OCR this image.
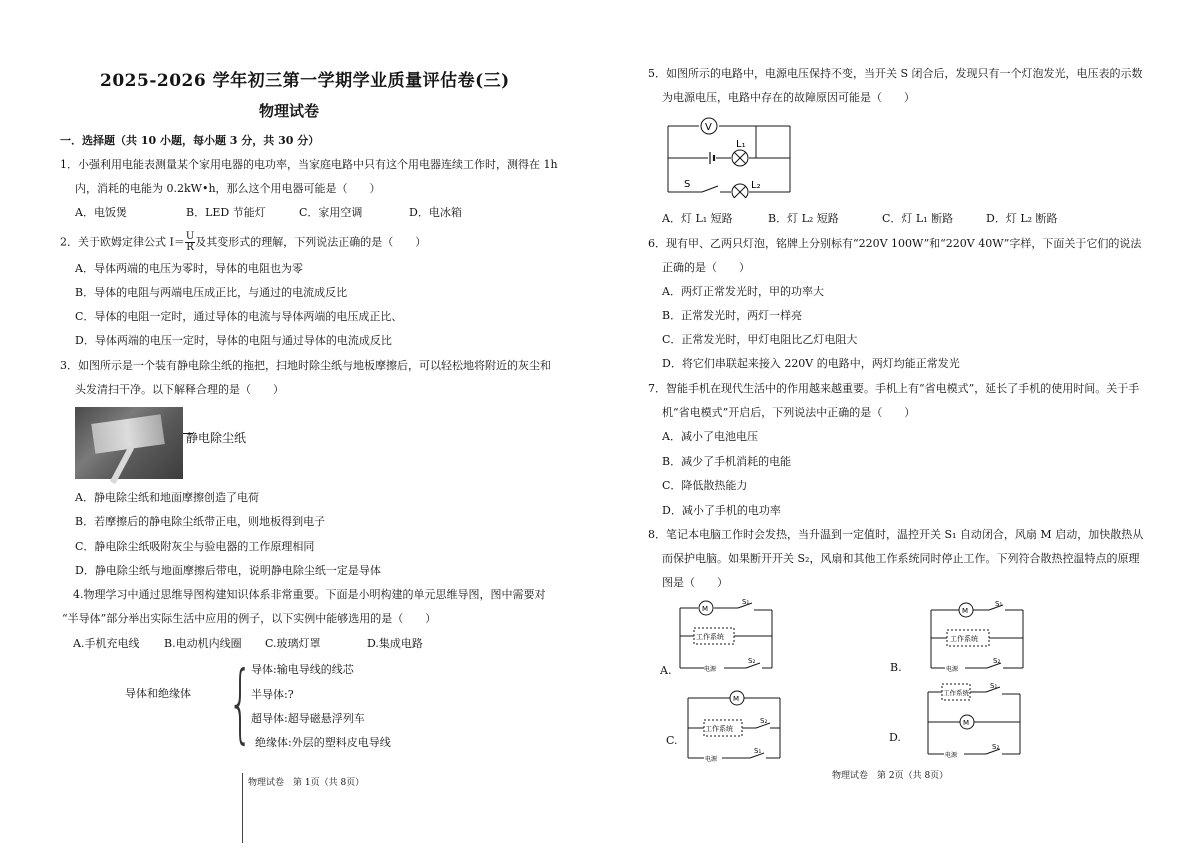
2025-2026 学年初三第一学期学业质量评估卷(三)
物理试卷
一．选择题（共 10 小题，每小题 3 分，共 30 分）
1．小强利用电能表测量某个家用电器的电功率，当家庭电路中只有这个用电器连续工作时，测得在 1h
内，消耗的电能为 0.2kW•h，那么这个用电器可能是（　　）
A．电饭煲	B．LED 节能灯	C．家用空调	D．电冰箱
2．关于欧姆定律公式 $I= \frac{U}{R}$ 及其变形式的理解，下列说法正确的是（　　）
A．导体两端的电压为零时，导体的电阻也为零
B．导体的电阻与两端电压成正比，与通过的电流成反比
C．导体的电阻一定时，通过导体的电流与导体两端的电压成正比、
D．导体两端的电压一定时，导体的电阻与通过导体的电流成反比
3．如图所示是一个装有静电除尘纸的拖把，扫地时除尘纸与地板摩擦后，可以轻松地将附近的灰尘和
头发清扫干净。以下解释合理的是（　　）
静电除尘纸
A．静电除尘纸和地面摩擦创造了电荷
B．若摩擦后的静电除尘纸带正电，则地板得到电子
C．静电除尘纸吸附灰尘与验电器的工作原理相同
D．静电除尘纸与地面摩擦后带电，说明静电除尘纸一定是导体
4.物理学习中通过思维导图构建知识体系非常重要。下面是小明构建的单元思维导图，图中需要对
“半导体”部分举出实际生活中应用的例子，以下实例中能够选用的是（　　）
A.手机充电线 B.电动机内线圈 C.玻璃灯罩	D.集成电路
导体和绝缘体 {
导体:输电导线的线芯
半导体:?
超导体:超导磁悬浮列车
绝缘体:外层的塑料皮电导线
物理试卷　第 1页（共 8页）
5．如图所示的电路中，电源电压保持不变，当开关 S 闭合后，发现只有一个灯泡发光，电压表的示数
为电源电压，电路中存在的故障原因可能是（　　）
V
S
L₁
L₂
A．灯 L₁ 短路	B．灯 L₂ 短路	C．灯 L₁ 断路	D．灯 L₂ 断路
6．现有甲、乙两只灯泡，铭牌上分别标有“220V 100W”和“220V 40W”字样，下面关于它们的说法
正确的是（　　）
A．两灯正常发光时，甲的功率大
B．正常发光时，两灯一样亮
C．正常发光时，甲灯电阻比乙灯电阻大
D．将它们串联起来接入 220V 的电路中，两灯均能正常发光
7．智能手机在现代生活中的作用越来越重要。手机上有“省电模式”，延长了手机的使用时间。关于手
机“省电模式”开启后，下列说法中正确的是（　　）
A．减小了电池电压
B．减少了手机消耗的电能
C．降低散热能力
D．减小了手机的电功率
8．笔记本电脑工作时会发热，当升温到一定值时，温控开关 S₁ 自动闭合，风扇 M 启动，加快散热从
而保护电脑。如果断开开关 S₂，风扇和其他工作系统同时停止工作。下列符合散热控温特点的原理
图是（　　）
A.
M
S₁
工作系统
电源
S₂	B.
M
S₁
工作系统
电源
S₂
C.
M
工作系统
S₂
电源
S₁
D.
工作系统
S₁
M
电源
S₂
物理试卷　第 2页（共 8页）
